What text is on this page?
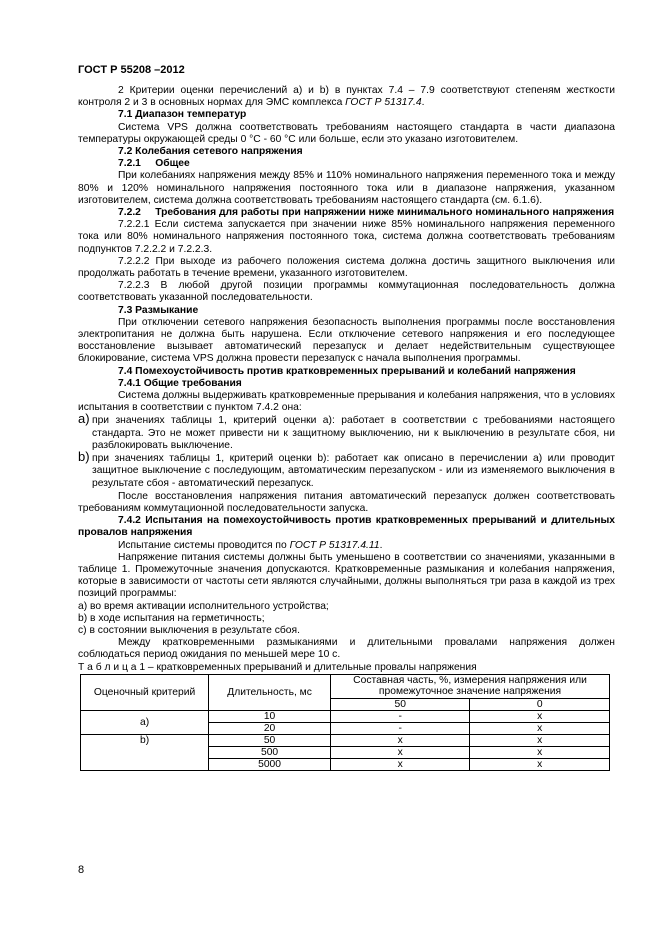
ГОСТ Р 55208 –2012

2 Критерии оценки перечислений а) и b) в пунктах 7.4 – 7.9 соответствуют степеням жесткости контроля 2 и 3 в основных нормах для ЭМС комплекса ГОСТ Р 51317.4.

7.1 Диапазон температур

Система VPS должна соответствовать требованиям настоящего стандарта в части диапазона температуры окружающей среды 0 °С - 60 °С или больше, если это указано изготовителем.

7.2 Колебания сетевого напряжения

7.2.1     Общее

При колебаниях напряжения между 85% и 110% номинального напряжения переменного тока и между 80% и 120% номинального напряжения постоянного тока или в диапазоне напряжения, указанном изготовителем, система должна соответствовать требованиям настоящего стандарта (см. 6.1.6).

7.2.2     Требования для работы при напряжении ниже минимального номинального напряжения

7.2.2.1 Если система запускается при значении ниже 85% номинального напряжения переменного тока или 80% номинального напряжения постоянного тока, система должна соответствовать требованиям подпунктов 7.2.2.2 и 7.2.2.3.

7.2.2.2 При выходе из рабочего положения система должна достичь защитного выключения или продолжать работать в течение времени, указанного изготовителем.

7.2.2.3 В любой другой позиции программы коммутационная последовательность должна соответствовать указанной последовательности.

7.3 Размыкание

При отключении сетевого напряжения безопасность выполнения программы после восстановления электропитания не должна быть нарушена. Если отключение сетевого напряжения и его последующее восстановление вызывает автоматический перезапуск и делает недействительным существующее блокирование, система VPS должна провести перезапуск с начала выполнения программы.

7.4 Помехоустойчивость против кратковременных прерываний и колебаний напряжения

7.4.1 Общие требования

Система должны выдерживать кратковременные прерывания и колебания напряжения, что в условиях испытания в соответствии с пунктом 7.4.2 она:

a) при значениях таблицы 1, критерий оценки а): работает в соответствии с требованиями настоящего стандарта. Это не может привести ни к защитному выключению, ни к выключению в результате сбоя, ни разблокировать выключение.
b) при значениях таблицы 1, критерий оценки b): работает как описано в перечислении а) или проводит защитное выключение с последующим, автоматическим перезапуском - или из изменяемого выключения в результате сбоя - автоматический перезапуск.

После восстановления напряжения питания автоматический перезапуск должен соответствовать требованиям коммутационной последовательности запуска.

7.4.2 Испытания на помехоустойчивость против кратковременных прерываний и длительных провалов напряжения

Испытание системы проводится по ГОСТ Р 51317.4.11.

Напряжение питания системы должны быть уменьшено в соответствии со значениями, указанными в таблице 1. Промежуточные значения допускаются. Кратковременные размыкания и колебания напряжения, которые в зависимости от частоты сети являются случайными, должны выполняться три раза в каждой из трех позиций программы:

а) во время активации исполнительного устройства;

b) в ходе испытания на герметичность;

с) в состоянии выключения в результате сбоя.

Между кратковременными размыканиями и длительными провалами напряжения должен соблюдаться период ожидания по меньшей мере 10 с.

Т а б л и ц а 1 – кратковременных прерываний и длительные провалы напряжения

Оценочный критерий	Длительность, мс	Составная часть, %, измерения напряжения или промежуточное значение напряжения	
		50	0
а)	10	-	x
	20	-	x
b)	50	x	x
	500	x	x
	5000	x	x
8
